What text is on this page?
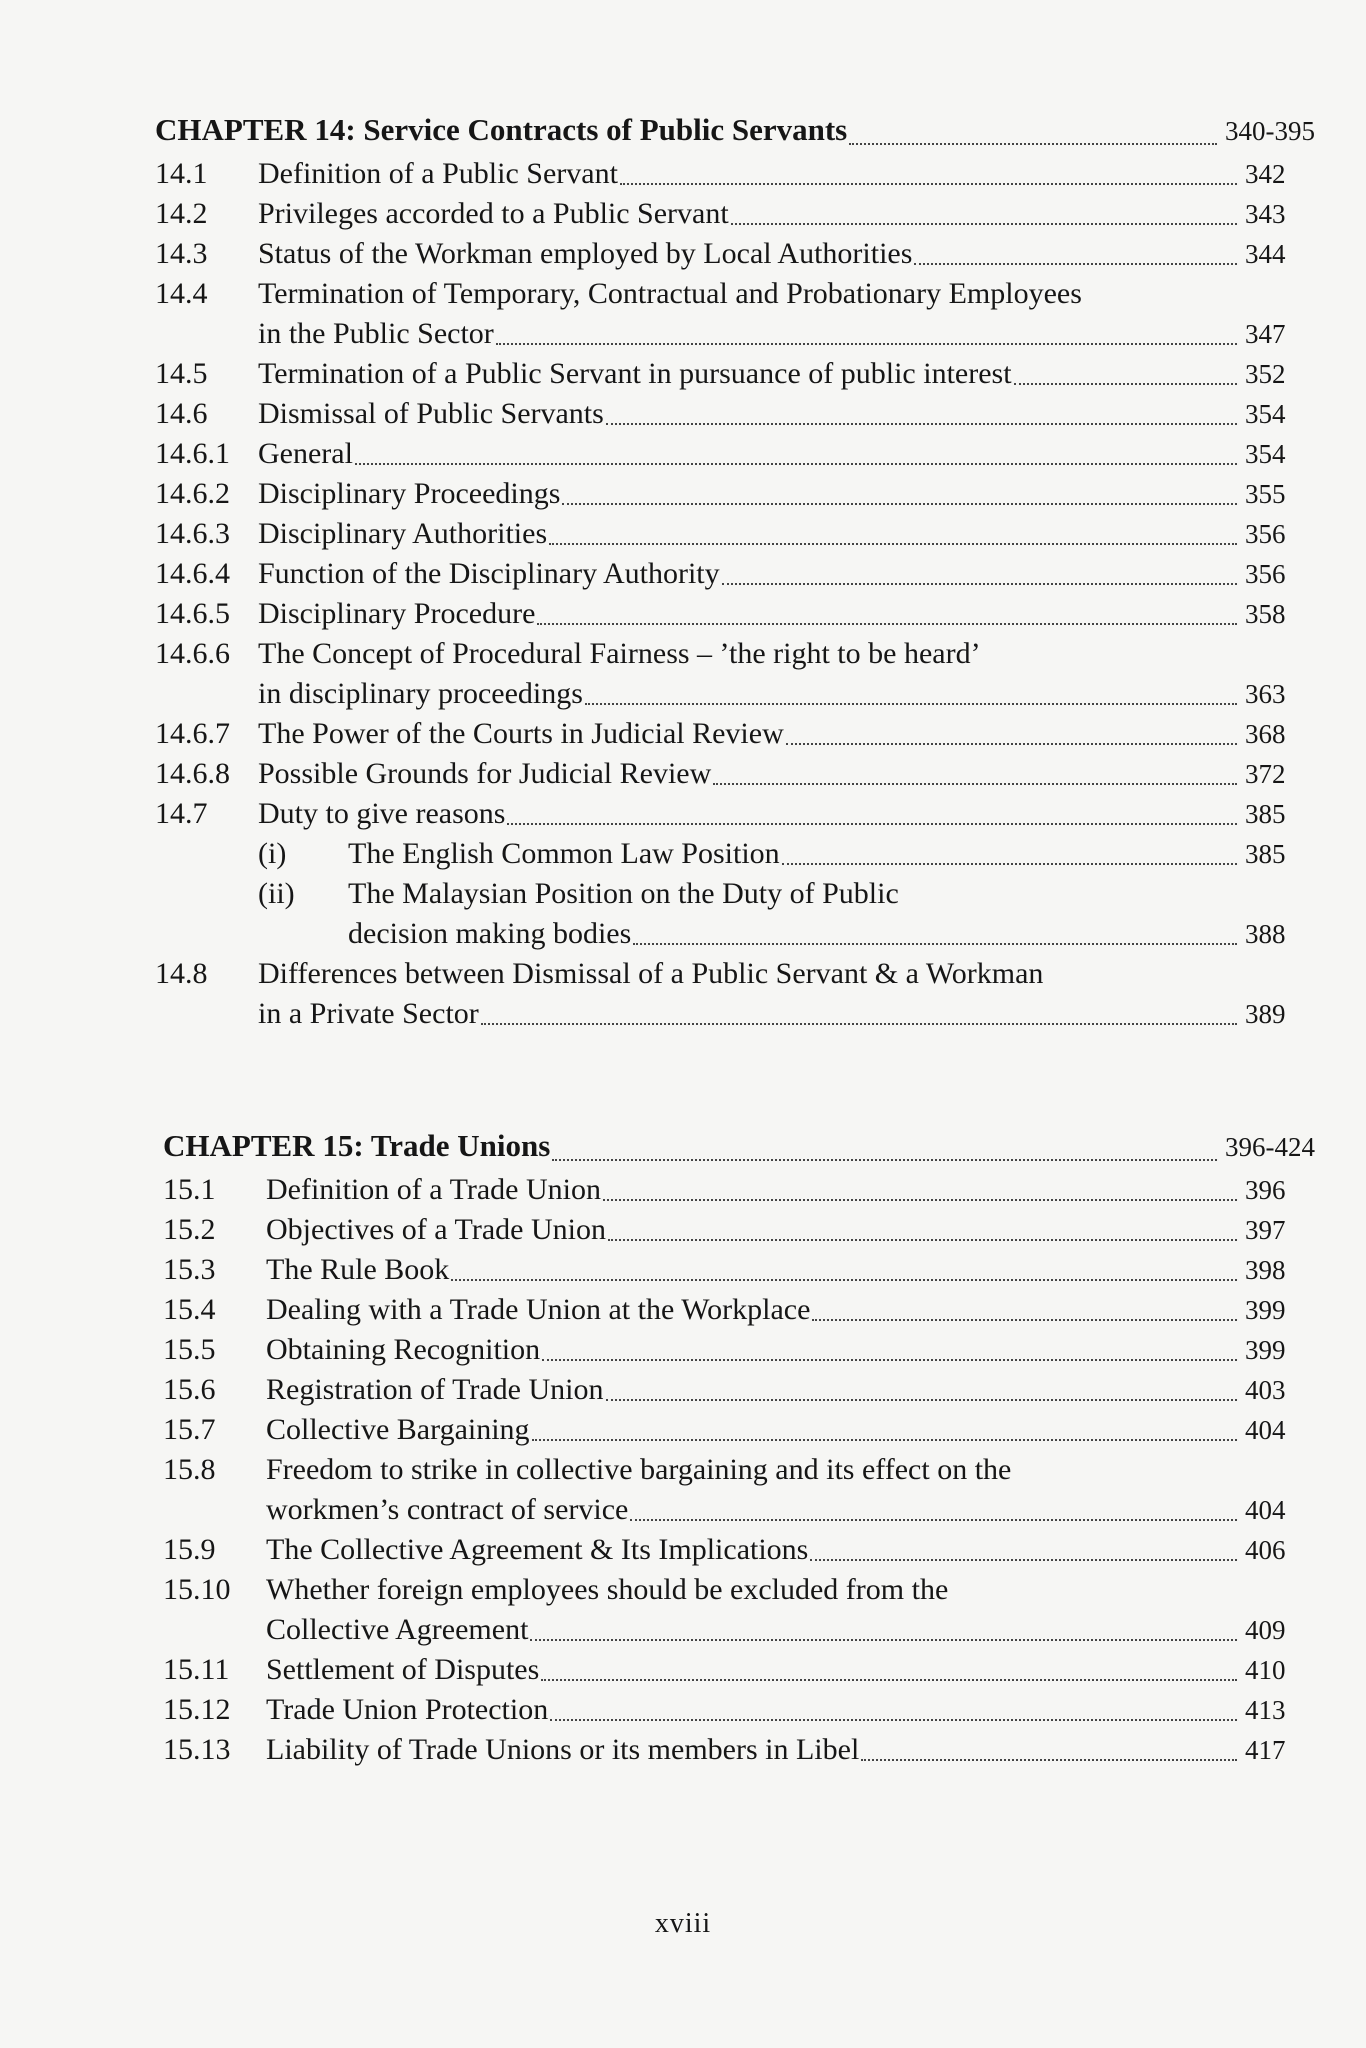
CHAPTER 14: Service Contracts of Public Servants	340-395
14.1	Definition of a Public Servant	342
14.2	Privileges accorded to a Public Servant	343
14.3	Status of the Workman employed by Local Authorities	344
14.4	Termination of Temporary, Contractual and Probationary Employees
in the Public Sector	347
14.5	Termination of a Public Servant in pursuance of public interest	352
14.6	Dismissal of Public Servants	354
14.6.1 General	354
14.6.2 Disciplinary Proceedings	355
14.6.3 Disciplinary Authorities	356
14.6.4 Function of the Disciplinary Authority	356
14.6.5 Disciplinary Procedure	358
14.6.6 The Concept of Procedural Fairness – ’the right to be heard’
in disciplinary proceedings	363
14.6.7 The Power of the Courts in Judicial Review	368
14.6.8 Possible Grounds for Judicial Review	372
14.7	Duty to give reasons	385
(i)	The English Common Law Position	385
(ii)	The Malaysian Position on the Duty of Public
decision making bodies	388
14.8	Differences between Dismissal of a Public Servant & a Workman
in a Private Sector	389
CHAPTER 15: Trade Unions	396-424
15.1	Definition of a Trade Union	396
15.2	Objectives of a Trade Union	397
15.3	The Rule Book	398
15.4	Dealing with a Trade Union at the Workplace	399
15.5	Obtaining Recognition	399
15.6	Registration of Trade Union	403
15.7	Collective Bargaining	404
15.8	Freedom to strike in collective bargaining and its effect on the
workmen’s contract of service	404
15.9	The Collective Agreement & Its Implications	406
15.10	Whether foreign employees should be excluded from the
Collective Agreement	409
15.11	Settlement of Disputes	410
15.12	Trade Union Protection	413
15.13	Liability of Trade Unions or its members in Libel	417
xviii
